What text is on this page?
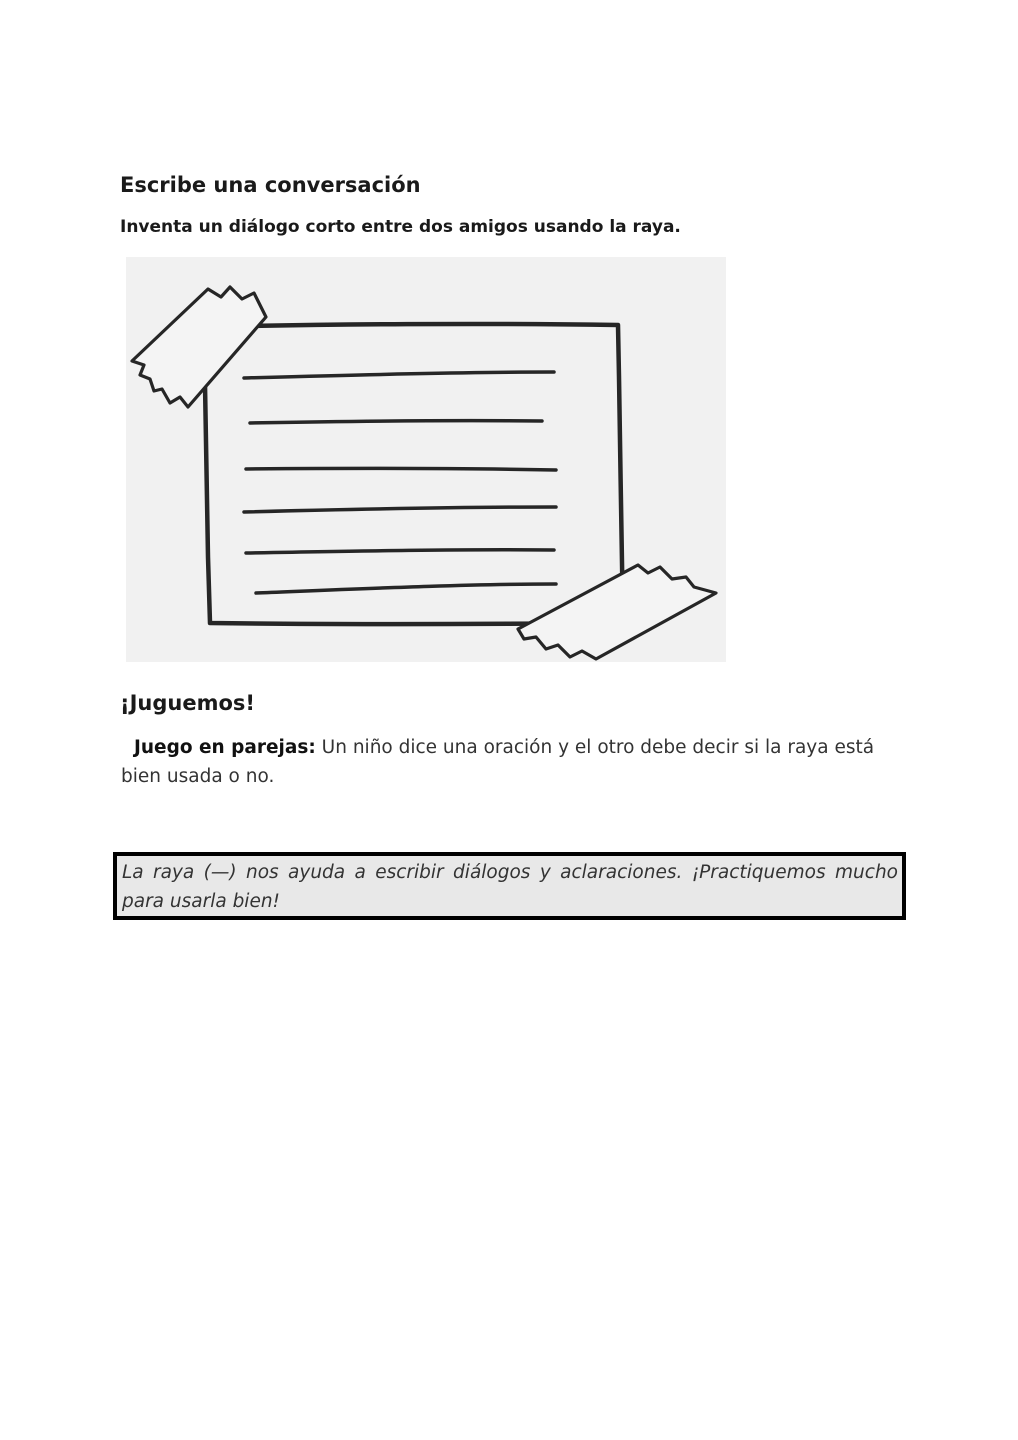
Escribe una conversación

Inventa un diálogo corto entre dos amigos usando la raya.

¡Juguemos!

Juego en parejas: Un niño dice una oración y el otro debe decir si la raya está bien usada o no.

La raya (—) nos ayuda a escribir diálogos y aclaraciones. ¡Practiquemos mucho para usarla bien!
